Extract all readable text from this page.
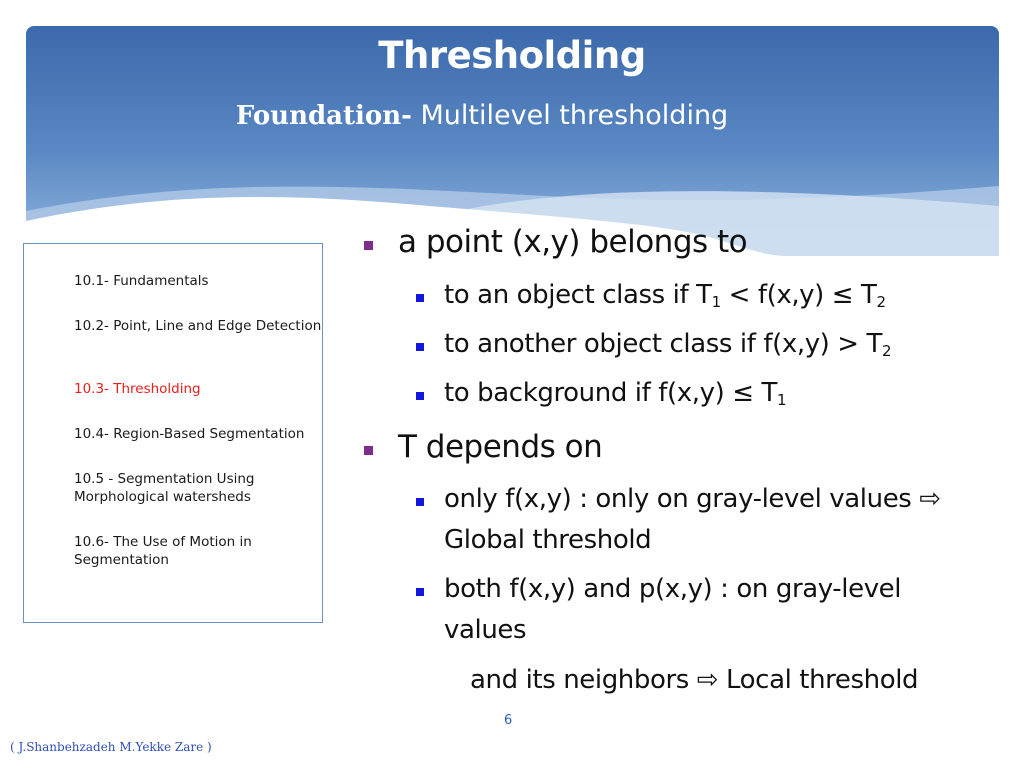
Thresholding
Foundation- Multilevel thresholding
10.1- Fundamentals
10.2- Point, Line and Edge Detection
10.3- Thresholding
10.4- Region-Based Segmentation
10.5 - Segmentation Using Morphological watersheds
10.6- The Use of Motion in Segmentation
a point (x,y) belongs to
to an object class if $T_1 < f(x,y) \le T_2$
to another object class if $f(x,y) > T_2$
to background if $f(x,y) \le T_1$
T depends on
only f(x,y) : only on gray-level values ⇨
Global threshold
both f(x,y) and p(x,y) : on gray-level
values
and its neighbors ⇨ Local threshold
6
( J.Shanbehzadeh M.Yekke Zare )
